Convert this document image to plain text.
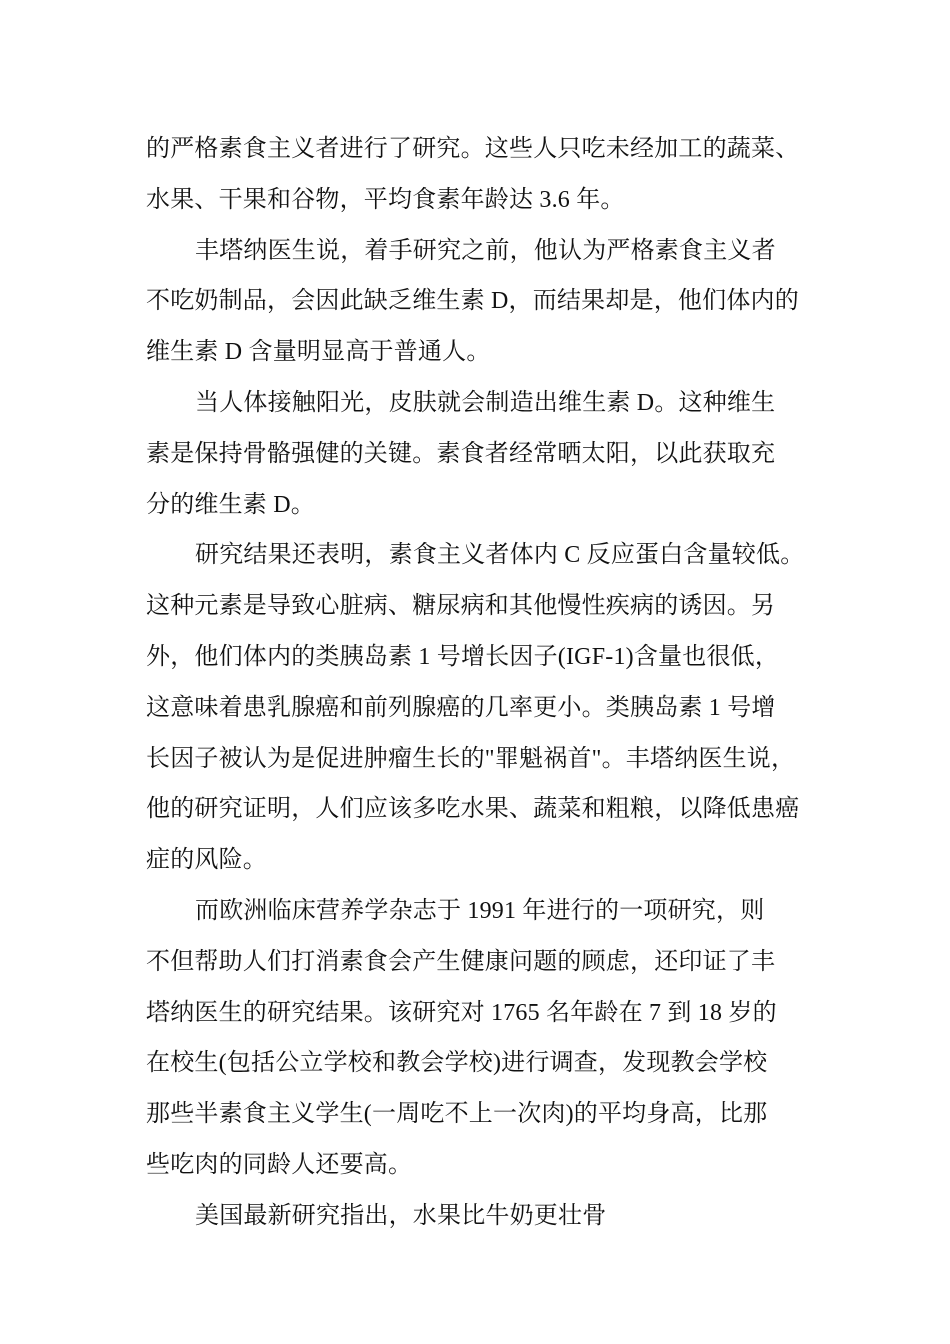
的严格素食主义者进行了研究。这些人只吃未经加工的蔬菜、
水果、干果和谷物，平均食素年龄达 3.6 年。
丰塔纳医生说，着手研究之前，他认为严格素食主义者
不吃奶制品，会因此缺乏维生素 D，而结果却是，他们体内的
维生素 D 含量明显高于普通人。
当人体接触阳光，皮肤就会制造出维生素 D。这种维生
素是保持骨骼强健的关键。素食者经常晒太阳，以此获取充
分的维生素 D。
研究结果还表明，素食主义者体内 C 反应蛋白含量较低。
这种元素是导致心脏病、糖尿病和其他慢性疾病的诱因。另
外，他们体内的类胰岛素 1 号增长因子(IGF-1)含量也很低，
这意味着患乳腺癌和前列腺癌的几率更小。类胰岛素 1 号增
长因子被认为是促进肿瘤生长的"罪魁祸首"。丰塔纳医生说，
他的研究证明，人们应该多吃水果、蔬菜和粗粮，以降低患癌
症的风险。
而欧洲临床营养学杂志于 1991 年进行的一项研究，则
不但帮助人们打消素食会产生健康问题的顾虑，还印证了丰
塔纳医生的研究结果。该研究对 1765 名年龄在 7 到 18 岁的
在校生(包括公立学校和教会学校)进行调查，发现教会学校
那些半素食主义学生(一周吃不上一次肉)的平均身高，比那
些吃肉的同龄人还要高。
美国最新研究指出，水果比牛奶更壮骨
